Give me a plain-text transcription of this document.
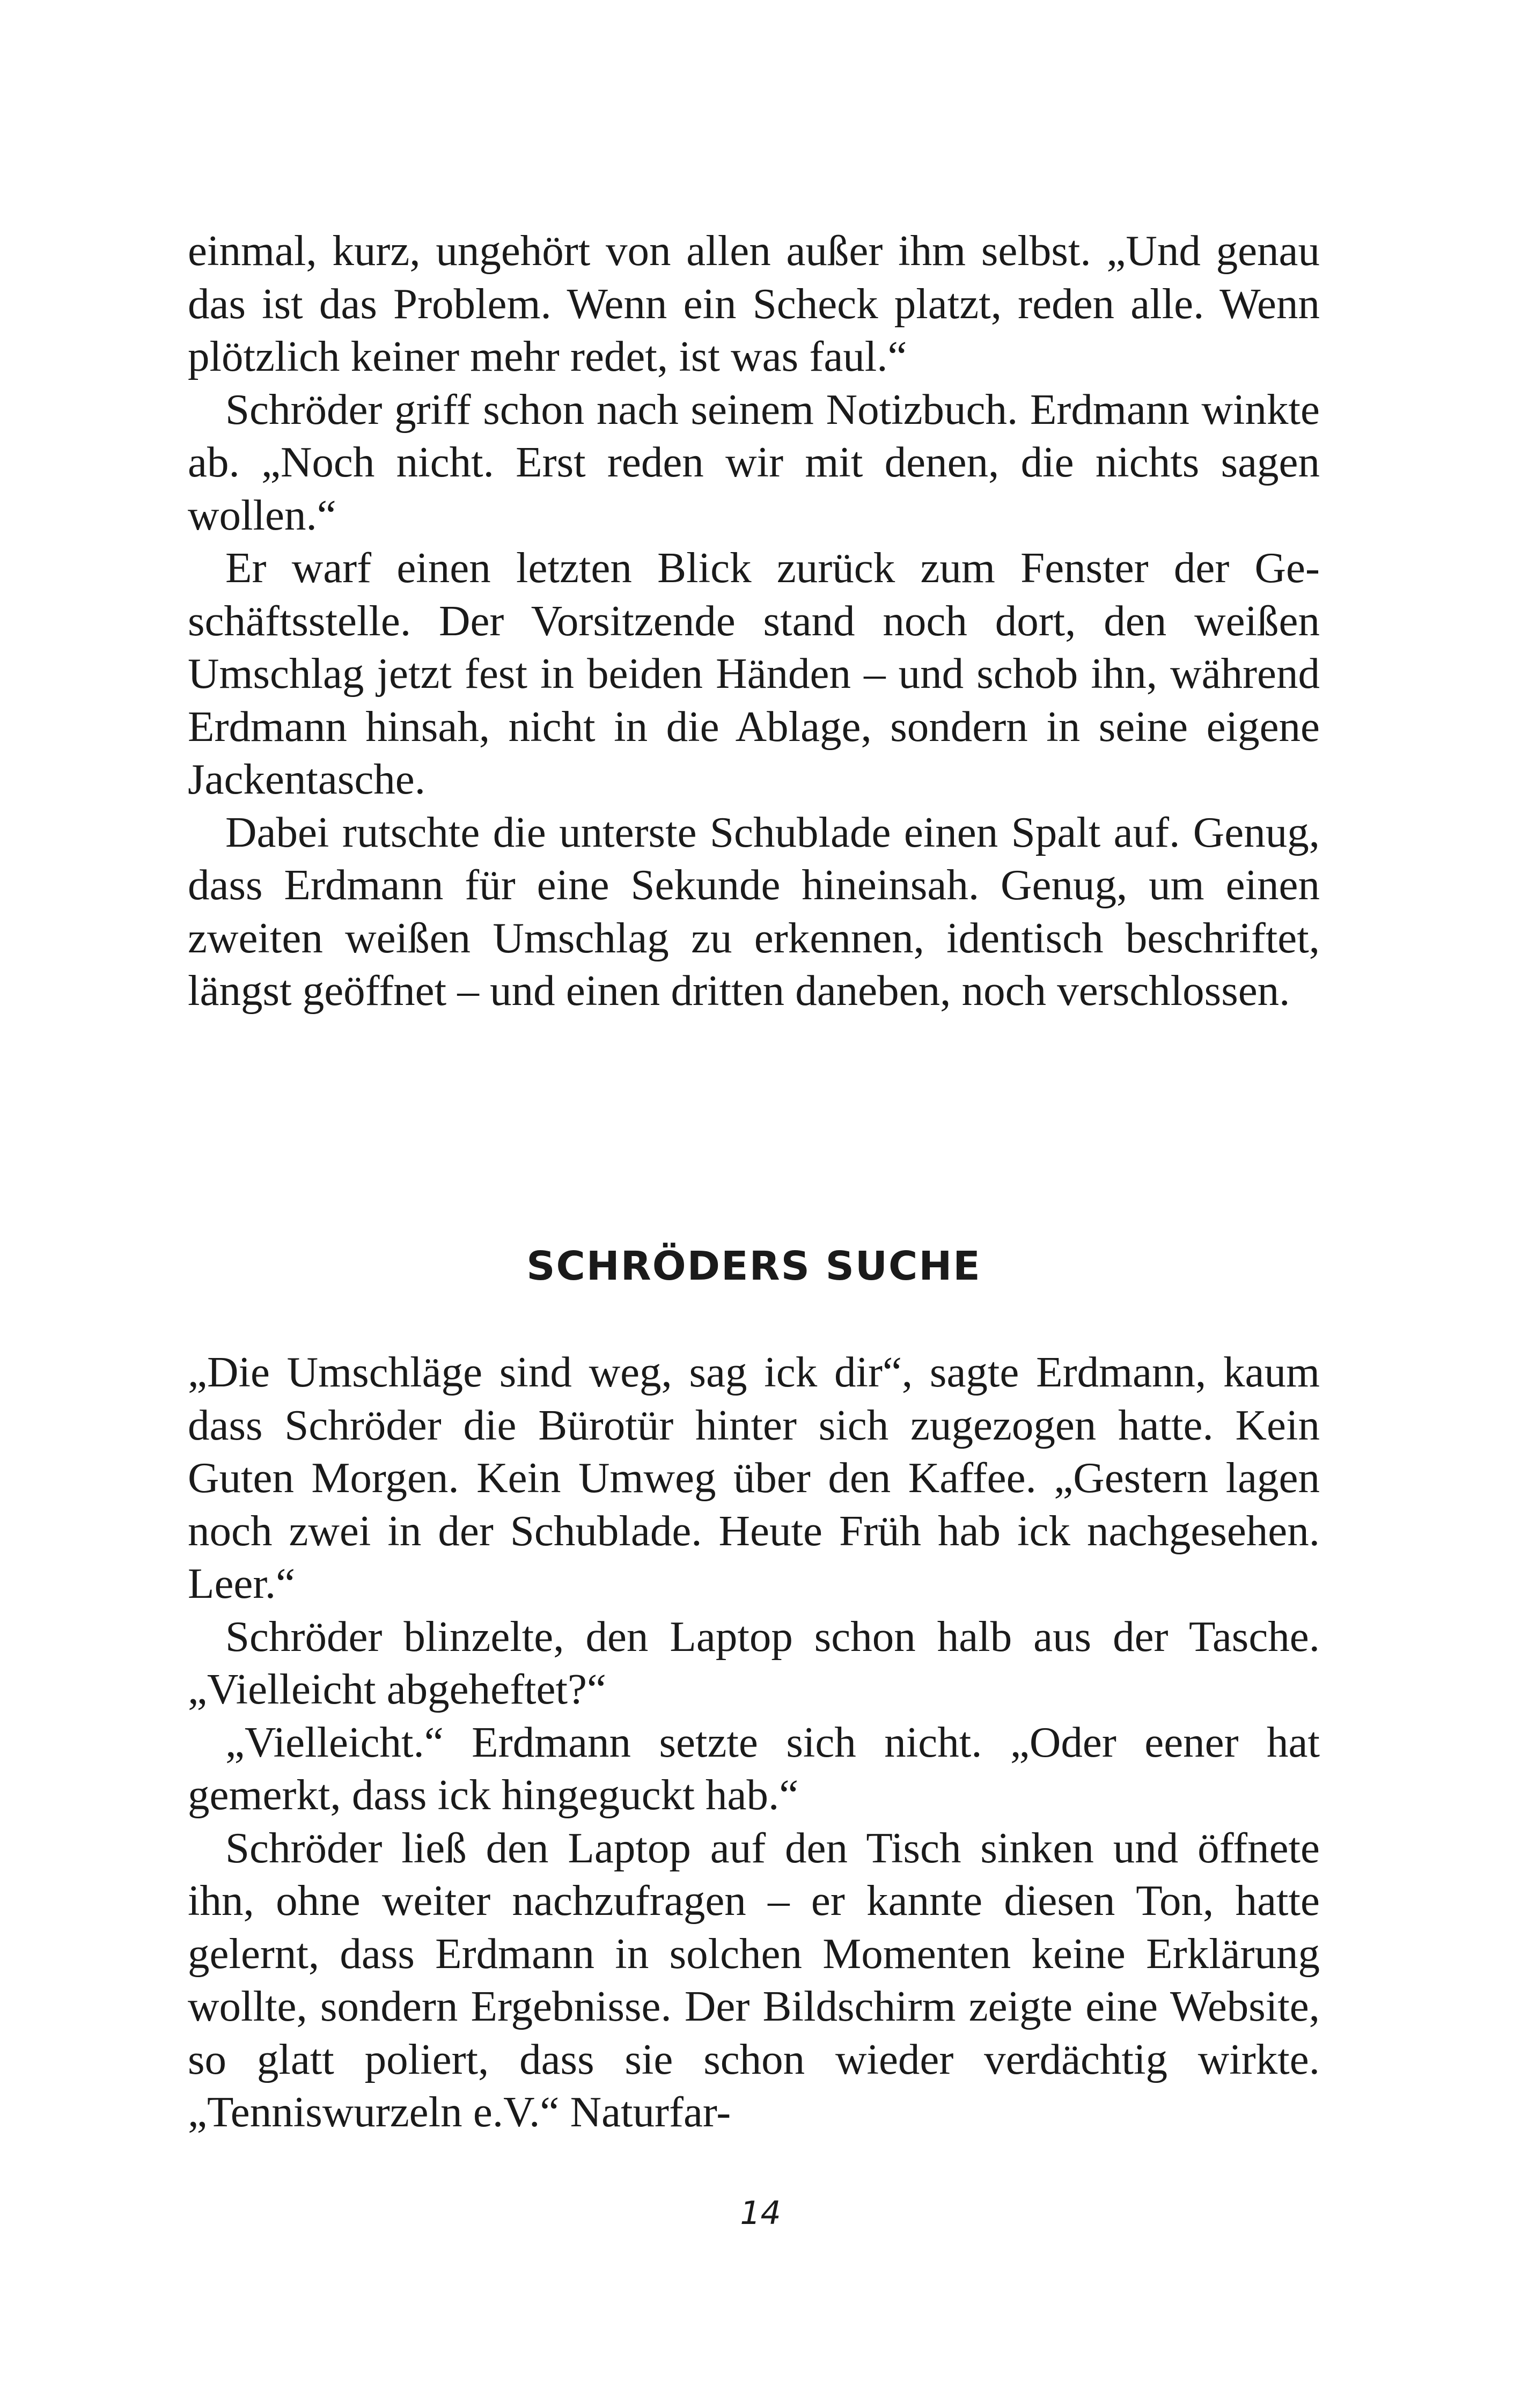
einmal, kurz, ungehört von allen außer ihm selbst. „Und genau das ist das Problem. Wenn ein Scheck platzt, reden alle. Wenn plötzlich keiner mehr redet, ist was faul.“

Schröder griff schon nach seinem Notizbuch. Erdmann winkte ab. „Noch nicht. Erst reden wir mit denen, die nichts sagen wollen.“

Er warf einen letzten Blick zurück zum Fenster der Geschäftsstelle. Der Vorsitzende stand noch dort, den weißen Umschlag jetzt fest in beiden Händen – und schob ihn, während Erdmann hinsah, nicht in die Ablage, sondern in seine eigene Jackentasche.

Dabei rutschte die unterste Schublade einen Spalt auf. Genug, dass Erdmann für eine Sekunde hineinsah. Genug, um einen zweiten weißen Umschlag zu erkennen, identisch beschriftet, längst geöffnet – und einen dritten daneben, noch verschlossen.

SCHRÖDERS SUCHE

„Die Umschläge sind weg, sag ick dir“, sagte Erdmann, kaum dass Schröder die Bürotür hinter sich zugezogen hatte. Kein Guten Morgen. Kein Umweg über den Kaffee. „Gestern lagen noch zwei in der Schublade. Heute Früh hab ick nachgesehen. Leer.“

Schröder blinzelte, den Laptop schon halb aus der Tasche. „Vielleicht abgeheftet?“

„Vielleicht.“ Erdmann setzte sich nicht. „Oder eener hat gemerkt, dass ick hingeguckt hab.“

Schröder ließ den Laptop auf den Tisch sinken und öffnete ihn, ohne weiter nachzufragen – er kannte diesen Ton, hatte gelernt, dass Erdmann in solchen Momenten keine Erklärung wollte, sondern Ergebnisse. Der Bildschirm zeigte eine Website, so glatt poliert, dass sie schon wieder verdächtig wirkte. „Tenniswurzeln e.V.“ Naturfar-

14
